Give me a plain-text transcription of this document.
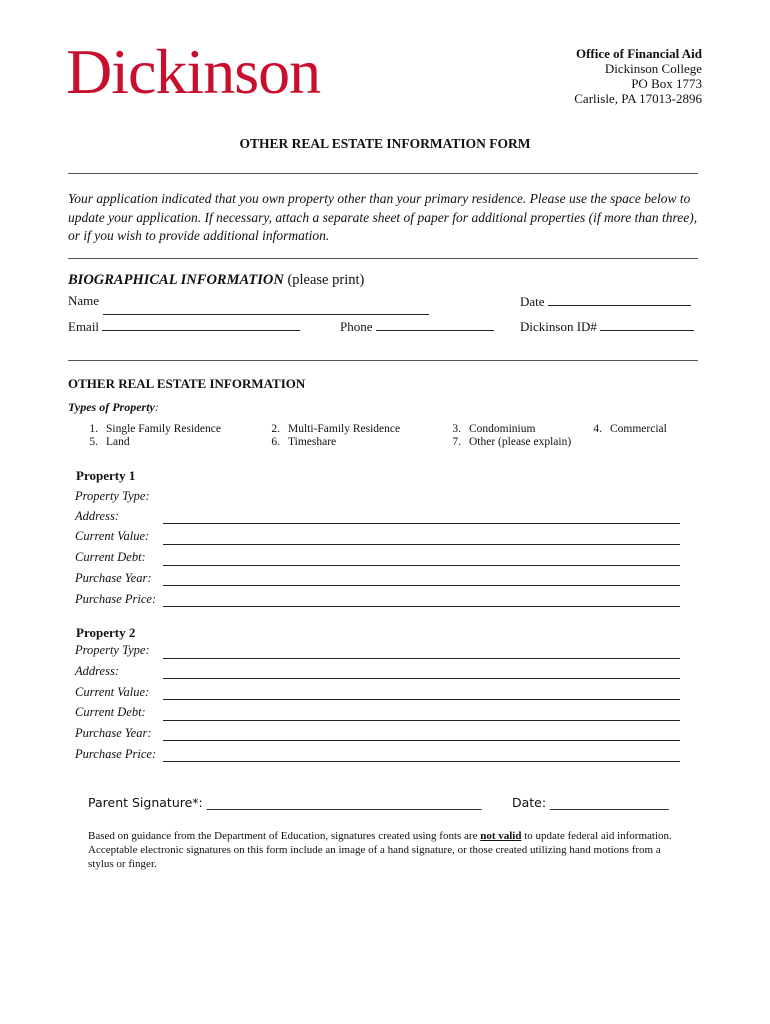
Dickinson	Office of Financial Aid
Dickinson College
PO Box 1773
Carlisle, PA 17013-2896
OTHER REAL ESTATE INFORMATION FORM
Your application indicated that you own property other than your primary residence. Please use the space below to update your application. If necessary, attach a separate sheet of paper for additional properties (if more than three), or if you wish to provide additional information.
BIOGRAPHICAL INFORMATION (please print)
Name	Date
Email	Phone	Dickinson ID#
OTHER REAL ESTATE INFORMATION
Types of Property:
1. Single Family Residence
5. Land
2. Multi-Family Residence
6. Timeshare
3. Condominium
7. Other (please explain)
4. Commercial
Property 1
Property Type:
Address:
Current Value:
Current Debt:
Purchase Year:
Purchase Price:
Property 2
Property Type:
Address:
Current Value:
Current Debt:
Purchase Year:
Purchase Price:
Parent Signature*: ____________________________________________ Date: ___________________
Based on guidance from the Department of Education, signatures created using fonts are not valid to update federal aid information. Acceptable electronic signatures on this form include an image of a hand signature, or those created utilizing hand motions from a stylus or finger.
